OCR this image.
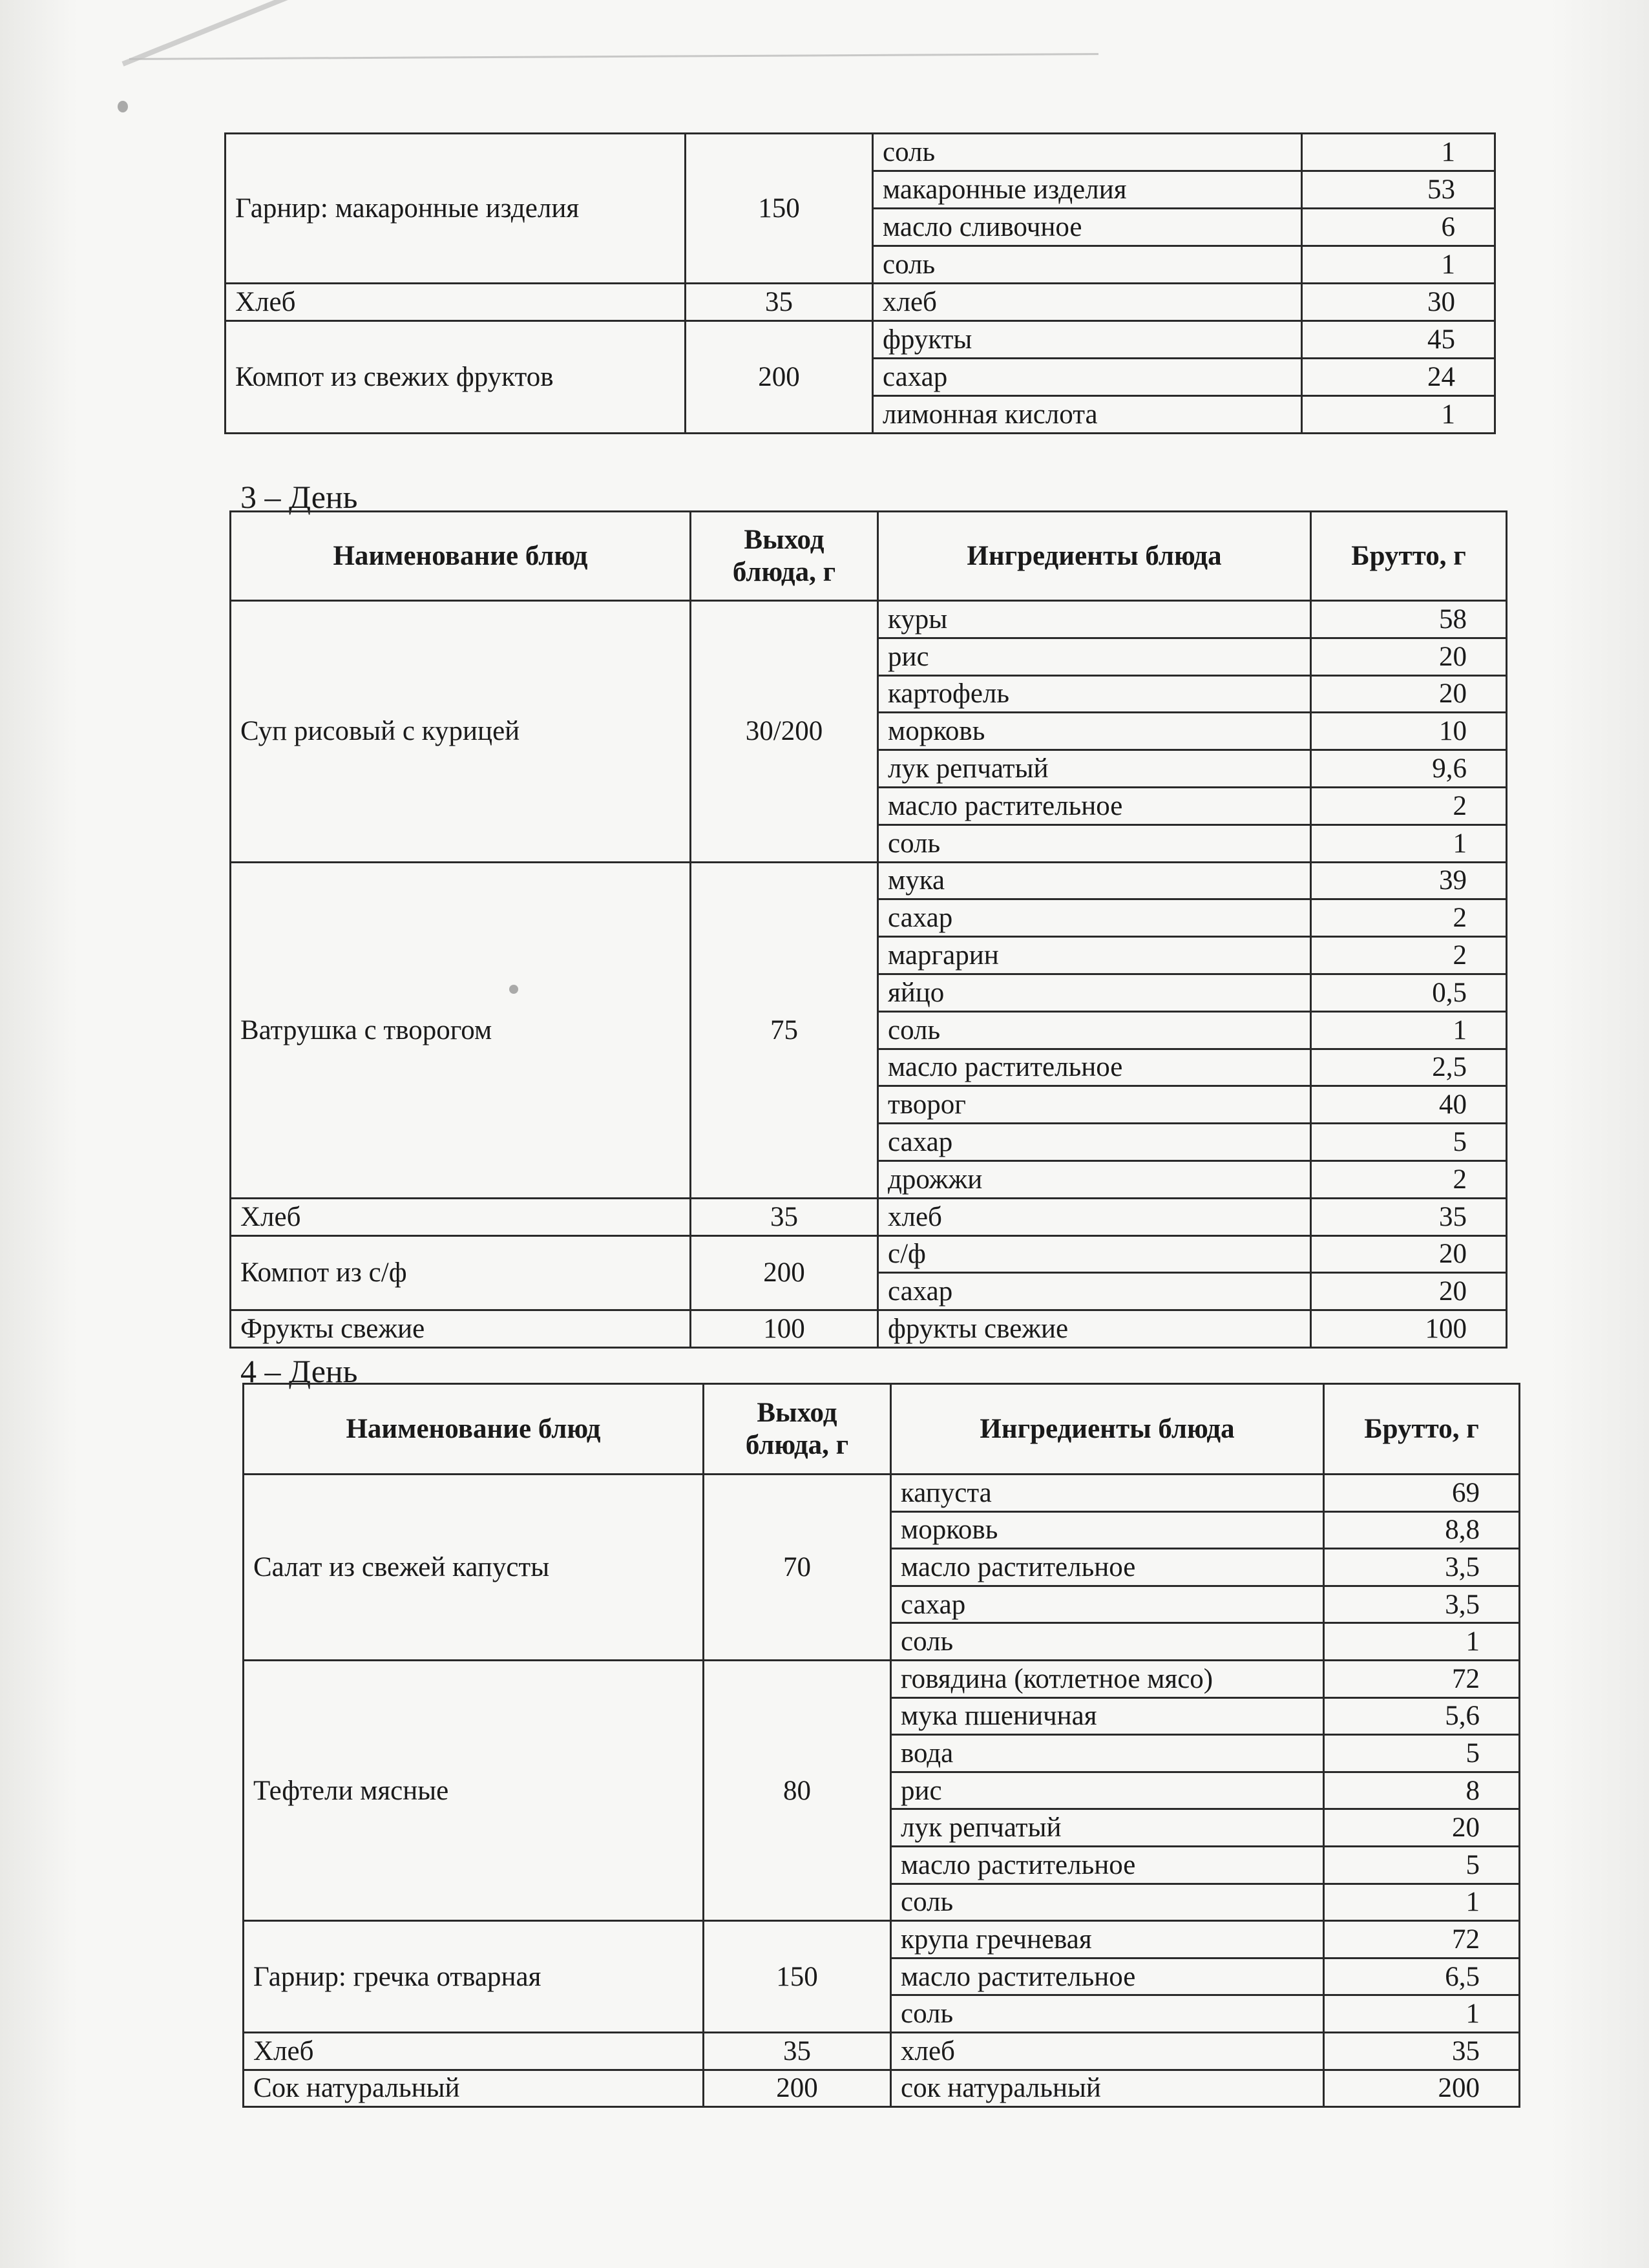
Гарнир: макаронные изделия	150	соль	1
		макаронные изделия	53
		масло сливочное	6
		соль	1
Хлеб	35	хлеб	30
Компот из свежих фруктов	200	фрукты	45
		сахар	24
		лимонная кислота	1
3 – День
Наименование блюд	Выход блюда, г	Ингредиенты блюда	Брутто, г
Суп рисовый с курицей	30/200	куры	58
		рис	20
		картофель	20
		морковь	10
		лук репчатый	9,6
		масло растительное	2
		соль	1
Ватрушка с творогом	75	мука	39
		сахар	2
		маргарин	2
		яйцо	0,5
		соль	1
		масло растительное	2,5
		творог	40
		сахар	5
		дрожжи	2
Хлеб	35	хлеб	35
Компот из с/ф	200	с/ф	20
		сахар	20
Фрукты свежие	100	фрукты свежие	100
4 – День
Наименование блюд	Выход блюда, г	Ингредиенты блюда	Брутто, г
Салат из свежей капусты	70	капуста	69
		морковь	8,8
		масло растительное	3,5
		сахар	3,5
		соль	1
Тефтели мясные	80	говядина (котлетное мясо)	72
		мука пшеничная	5,6
		вода	5
		рис	8
		лук репчатый	20
		масло растительное	5
		соль	1
Гарнир: гречка отварная	150	крупа гречневая	72
		масло растительное	6,5
		соль	1
Хлеб	35	хлеб	35
Сок натуральный	200	сок натуральный	200
